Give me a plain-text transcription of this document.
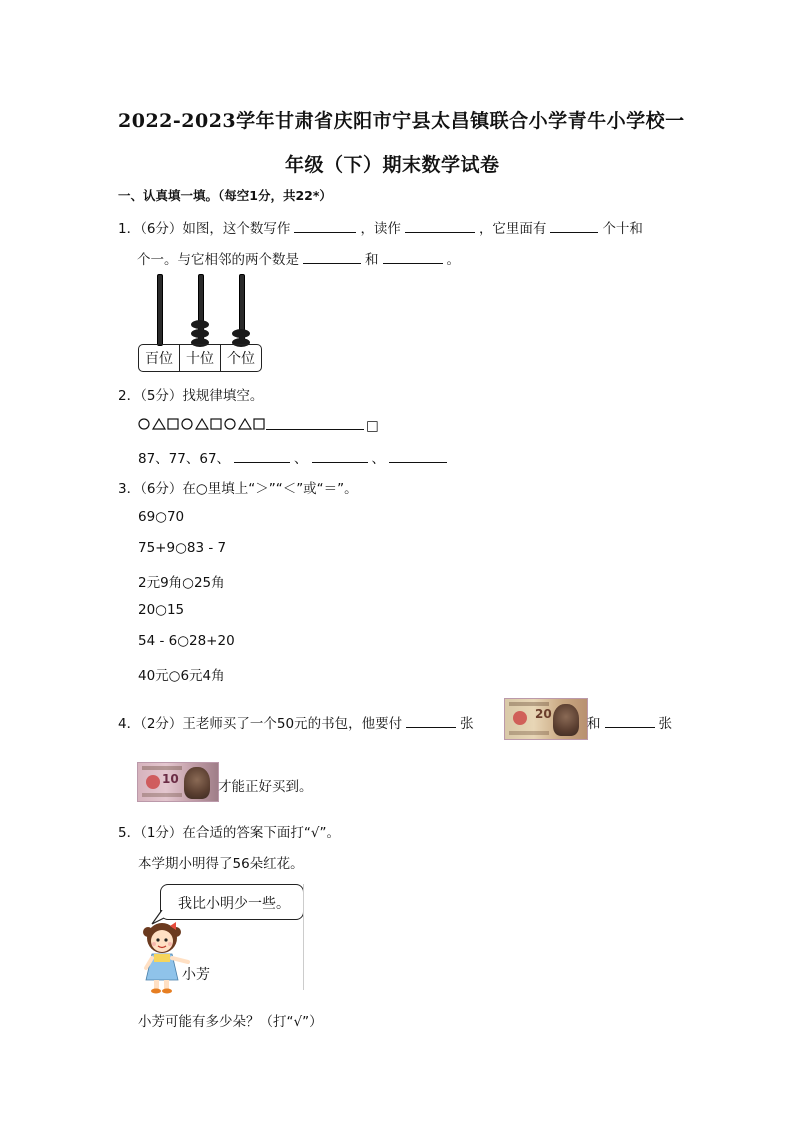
2022-2023学年甘肃省庆阳市宁县太昌镇联合小学青牛小学校一
年级（下）期末数学试卷
一、认真填一填。（每空1分，共22*）
1．（6分）如图，这个数写作	，读作	，它里面有	个十和
个一。与它相邻的两个数是	和	。
百位 十位 个位
2．（5分）找规律填空。
□
87、77、67、	、	、
3．（6分）在○里填上“＞”“＜”或“＝”。
69○70
75+9○83 - 7
2元9角○25角
20○15
54 - 6○28+20
40元○6元4角
4．（2分）王老师买了一个50元的书包，他要付	张
20
和	张
10	才能正好买到。
5．（1分）在合适的答案下面打“√”。
本学期小明得了56朵红花。
我比小明少一些。
小芳
小芳可能有多少朵？（打“√”）
